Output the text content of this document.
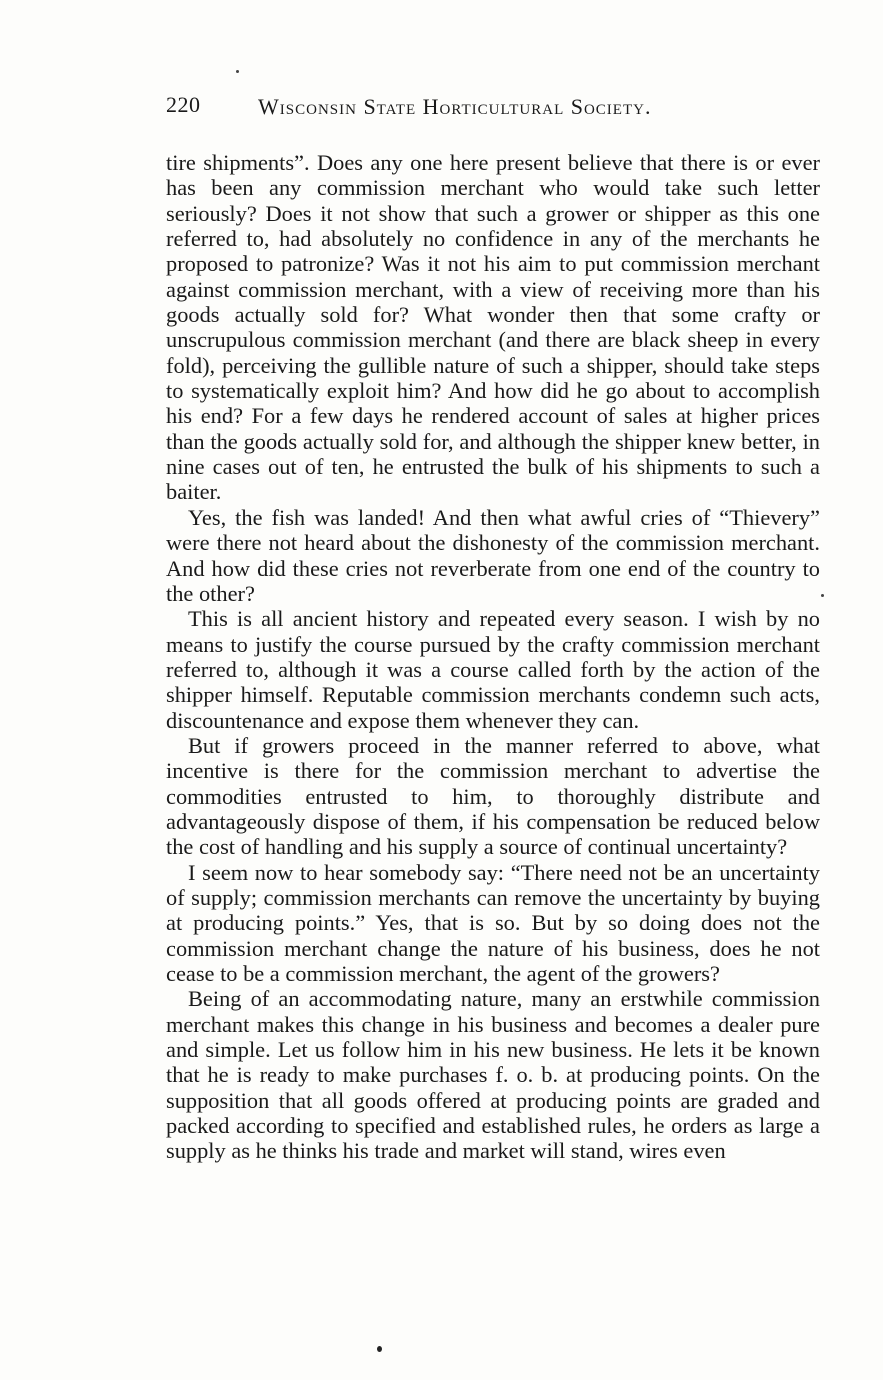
220	Wisconsin State Horticultural Society.

tire shipments”. Does any one here present believe that there is or ever has been any commission merchant who would take such letter seriously? Does it not show that such a grower or shipper as this one referred to, had absolutely no confidence in any of the merchants he proposed to patronize? Was it not his aim to put commission merchant against commission merchant, with a view of receiving more than his goods actually sold for? What wonder then that some crafty or unscrupulous commission merchant (and there are black sheep in every fold), perceiving the gullible nature of such a shipper, should take steps to systematically exploit him? And how did he go about to accomplish his end? For a few days he rendered account of sales at higher prices than the goods actually sold for, and although the shipper knew better, in nine cases out of ten, he entrusted the bulk of his shipments to such a baiter.

Yes, the fish was landed! And then what awful cries of “Thievery” were there not heard about the dishonesty of the commission merchant. And how did these cries not reverberate from one end of the country to the other?

This is all ancient history and repeated every season. I wish by no means to justify the course pursued by the crafty commission merchant referred to, although it was a course called forth by the action of the shipper himself. Reputable commission merchants condemn such acts, discountenance and expose them whenever they can.

But if growers proceed in the manner referred to above, what incentive is there for the commission merchant to advertise the commodities entrusted to him, to thoroughly distribute and advantageously dispose of them, if his compensation be reduced below the cost of handling and his supply a source of continual uncertainty?

I seem now to hear somebody say: “There need not be an uncertainty of supply; commission merchants can remove the uncertainty by buying at producing points.” Yes, that is so. But by so doing does not the commission merchant change the nature of his business, does he not cease to be a commission merchant, the agent of the growers?

Being of an accommodating nature, many an erstwhile commission merchant makes this change in his business and becomes a dealer pure and simple. Let us follow him in his new business. He lets it be known that he is ready to make purchases f. o. b. at producing points. On the supposition that all goods offered at producing points are graded and packed according to specified and established rules, he orders as large a supply as he thinks his trade and market will stand, wires even
